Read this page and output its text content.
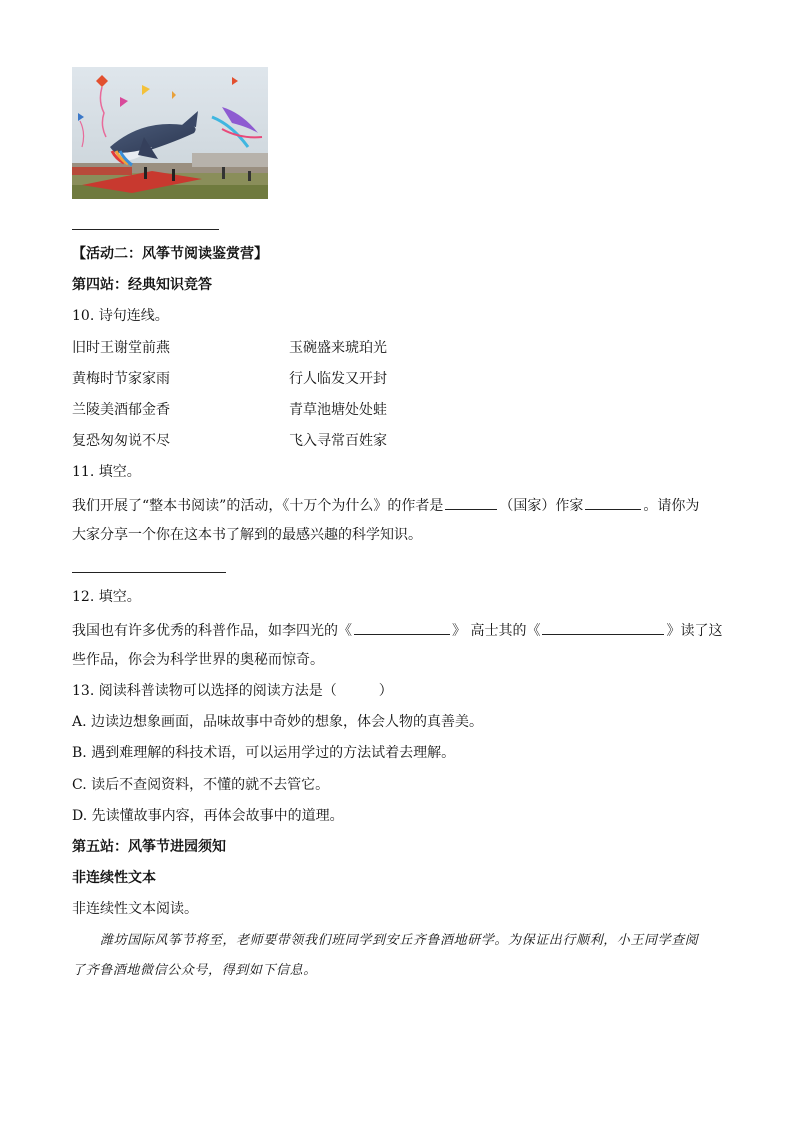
【活动二：风筝节阅读鉴赏营】
第四站：经典知识竞答
10. 诗句连线。
旧时王谢堂前燕	玉碗盛来琥珀光
黄梅时节家家雨	行人临发又开封
兰陵美酒郁金香	青草池塘处处蛙
复恐匆匆说不尽	飞入寻常百姓家
11. 填空。
我们开展了“整本书阅读”的活动，《十万个为什么》的作者是	（国家）作家	。请你为
大家分享一个你在这本书了解到的最感兴趣的科学知识。
12. 填空。
我国也有许多优秀的科普作品，如李四光的《	》 高士其的《	》读了这
些作品，你会为科学世界的奥秘而惊奇。
13. 阅读科普读物可以选择的阅读方法是（　　　）
A. 边读边想象画面，品味故事中奇妙的想象，体会人物的真善美。
B. 遇到难理解的科技术语，可以运用学过的方法试着去理解。
C. 读后不查阅资料，不懂的就不去管它。
D. 先读懂故事内容，再体会故事中的道理。
第五站：风筝节进园须知
非连续性文本
非连续性文本阅读。
潍坊国际风筝节将至，老师要带领我们班同学到安丘齐鲁酒地研学。为保证出行顺利，小王同学查阅
了齐鲁酒地微信公众号，得到如下信息。
